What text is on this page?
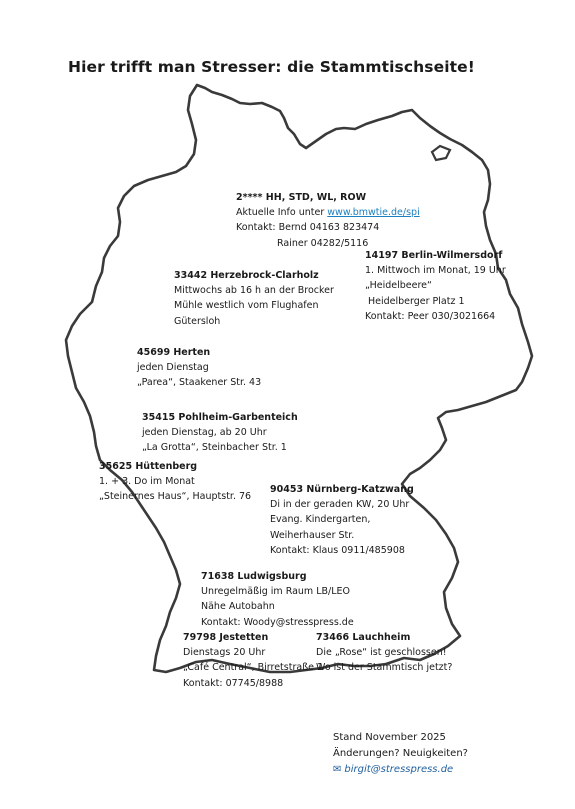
Hier trifft man Stresser: die Stammtischseite!
2**** HH, STD, WL, ROW
Aktuelle Info unter www.bmwtie.de/spi
Kontakt: Bernd 04163 823474
Rainer 04282/5116
14197 Berlin-Wilmersdorf
1. Mittwoch im Monat, 19 Uhr
„Heidelbeere“
Heidelberger Platz 1
Kontakt: Peer 030/3021664
33442 Herzebrock-Clarholz
Mittwochs ab 16 h an der Brocker
Mühle westlich vom Flughafen
Gütersloh
45699 Herten
jeden Dienstag
„Parea“, Staakener Str. 43
35415 Pohlheim-Garbenteich
jeden Dienstag, ab 20 Uhr
„La Grotta“, Steinbacher Str. 1
35625 Hüttenberg
1. + 3. Do im Monat
„Steinernes Haus“, Hauptstr. 76
90453 Nürnberg-Katzwang
Di in der geraden KW, 20 Uhr
Evang. Kindergarten,
Weiherhauser Str.
Kontakt: Klaus 0911/485908
71638 Ludwigsburg
Unregelmäßig im Raum LB/LEO
Nähe Autobahn
Kontakt: Woody@stresspress.de
79798 Jestetten
Dienstags 20 Uhr
„Café Central“, Birretstraße 1
Kontakt: 07745/8988
73466 Lauchheim
Die „Rose“ ist geschlossen!
Wo ist der Stammtisch jetzt?
Stand November 2025
Änderungen? Neuigkeiten?
✉ birgit@stresspress.de
